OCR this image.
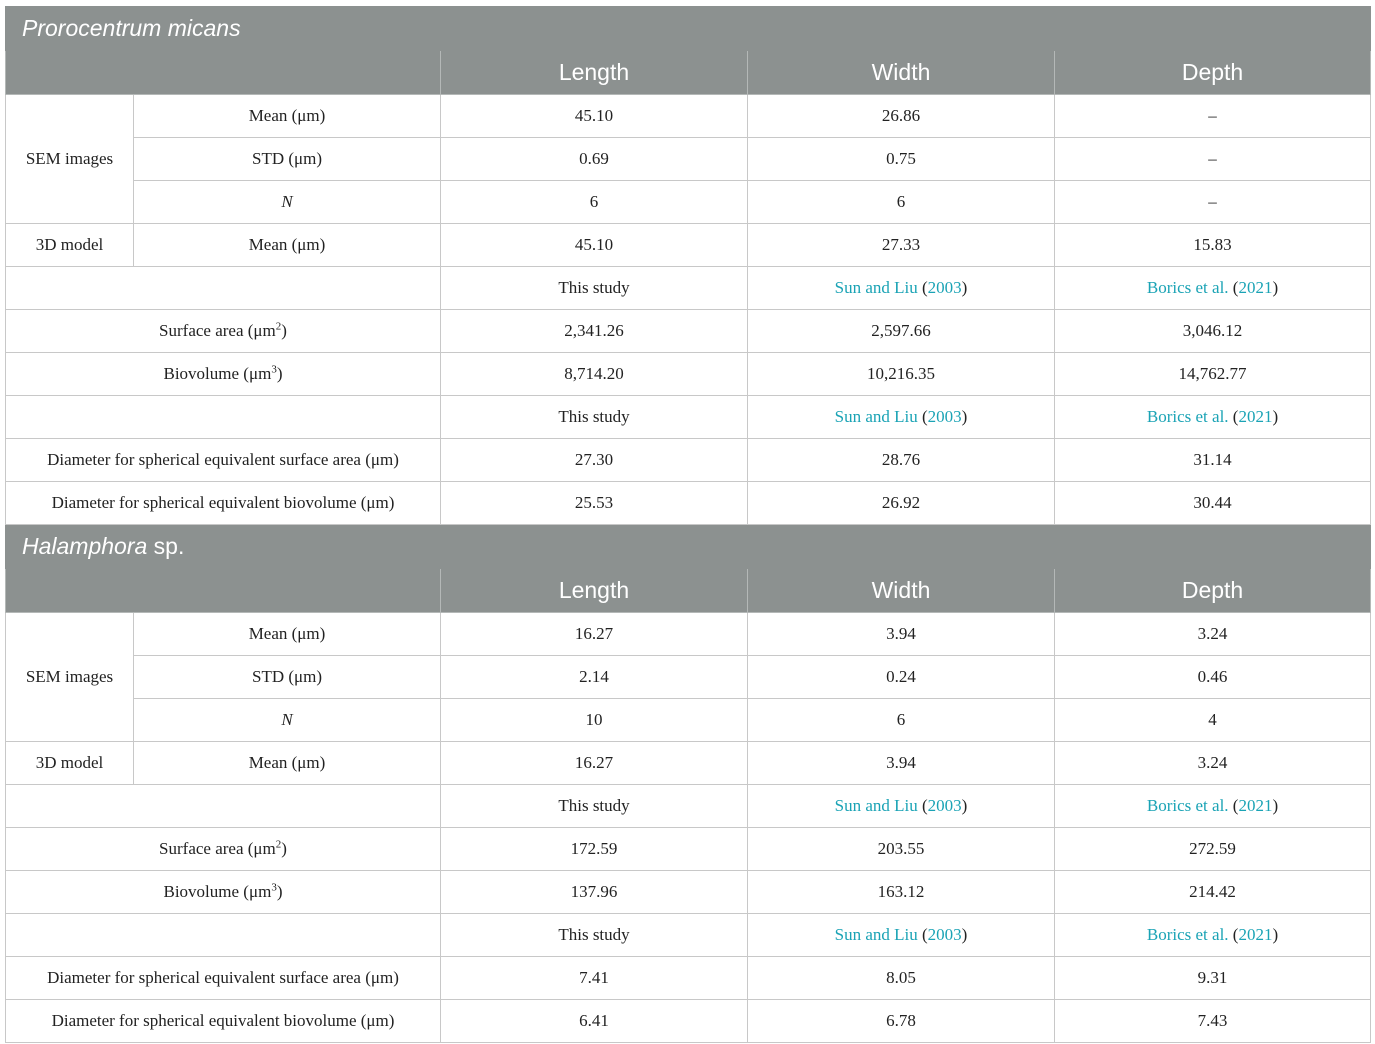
Prorocentrum micans				
		Length	Width	Depth
SEM images	Mean (μm)	45.10	26.86	–
	STD (μm)	0.69	0.75	–
	N	6	6	–
3D model	Mean (μm)	45.10	27.33	15.83
		This study	Sun and Liu (2003)	Borics et al. (2021)
Surface area $(\mu m^2)$		2,341.26	2,597.66	3,046.12
Biovolume $(\mu m^3)$		8,714.20	10,216.35	14,762.77
		This study	Sun and Liu (2003)	Borics et al. (2021)
Diameter for spherical equivalent surface area (μm)		27.30	28.76	31.14
Diameter for spherical equivalent biovolume (μm)		25.53	26.92	30.44
Halamphora sp.				
		Length	Width	Depth
SEM images	Mean (μm)	16.27	3.94	3.24
	STD (μm)	2.14	0.24	0.46
	N	10	6	4
3D model	Mean (μm)	16.27	3.94	3.24
		This study	Sun and Liu (2003)	Borics et al. (2021)
Surface area $(\mu m^2)$		172.59	203.55	272.59
Biovolume $(\mu m^3)$		137.96	163.12	214.42
		This study	Sun and Liu (2003)	Borics et al. (2021)
Diameter for spherical equivalent surface area (μm)		7.41	8.05	9.31
Diameter for spherical equivalent biovolume (μm)		6.41	6.78	7.43
